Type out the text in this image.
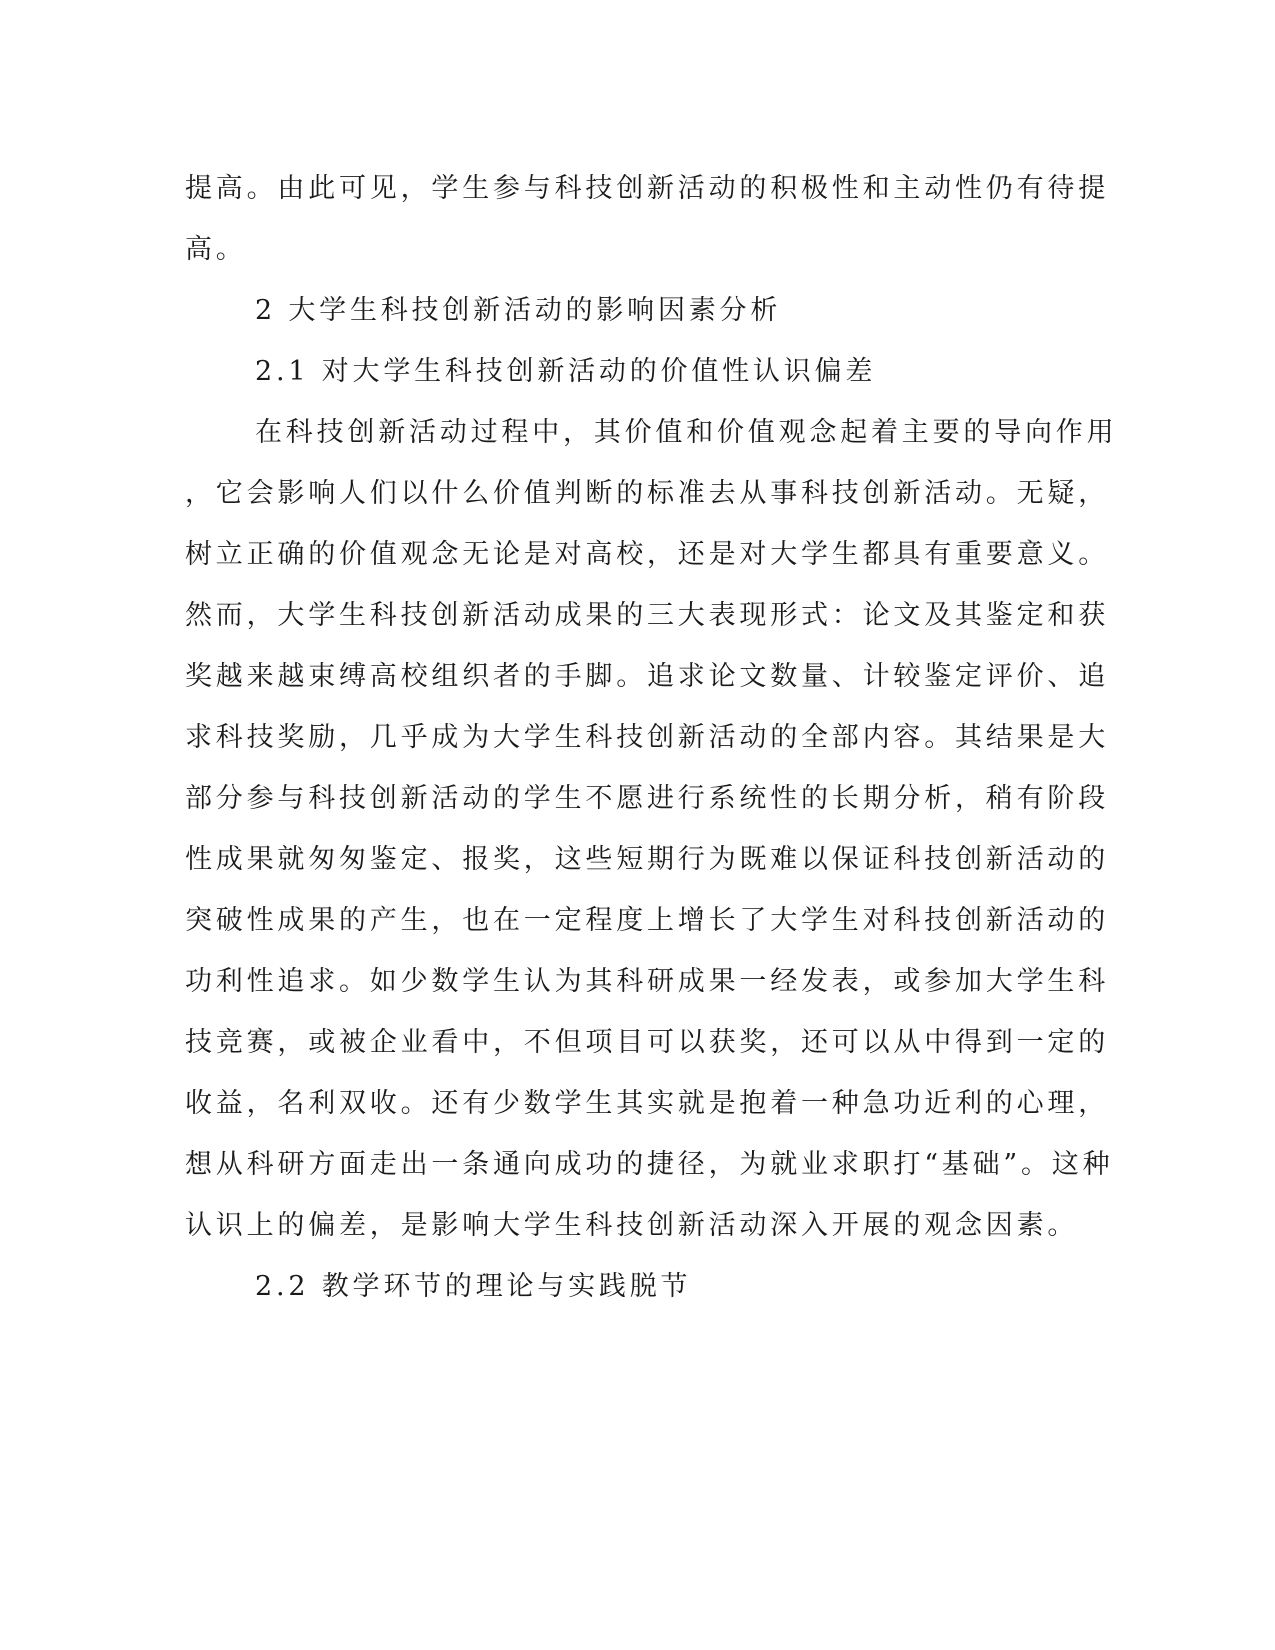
提高。由此可见，学生参与科技创新活动的积极性和主动性仍有待提
高。
2 大学生科技创新活动的影响因素分析
2.1 对大学生科技创新活动的价值性认识偏差
在科技创新活动过程中，其价值和价值观念起着主要的导向作用
，它会影响人们以什么价值判断的标准去从事科技创新活动。无疑，
树立正确的价值观念无论是对高校，还是对大学生都具有重要意义。
然而，大学生科技创新活动成果的三大表现形式：论文及其鉴定和获
奖越来越束缚高校组织者的手脚。追求论文数量、计较鉴定评价、追
求科技奖励，几乎成为大学生科技创新活动的全部内容。其结果是大
部分参与科技创新活动的学生不愿进行系统性的长期分析，稍有阶段
性成果就匆匆鉴定、报奖，这些短期行为既难以保证科技创新活动的
突破性成果的产生，也在一定程度上增长了大学生对科技创新活动的
功利性追求。如少数学生认为其科研成果一经发表，或参加大学生科
技竞赛，或被企业看中，不但项目可以获奖，还可以从中得到一定的
收益，名利双收。还有少数学生其实就是抱着一种急功近利的心理，
想从科研方面走出一条通向成功的捷径，为就业求职打“基础”。这种
认识上的偏差，是影响大学生科技创新活动深入开展的观念因素。
2.2 教学环节的理论与实践脱节
